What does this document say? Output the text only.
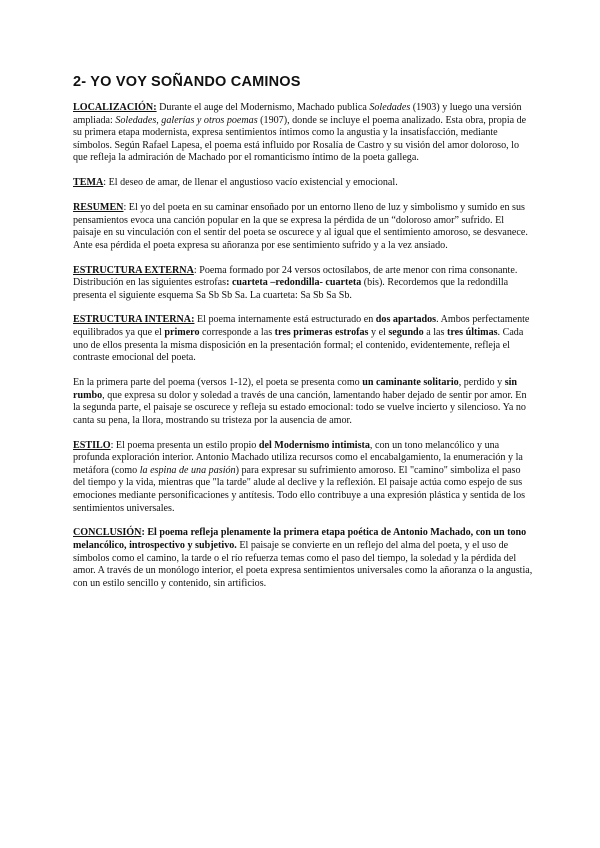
2- YO VOY SOÑANDO CAMINOS

LOCALIZACIÓN: Durante el auge del Modernismo, Machado publica Soledades (1903) y luego una versión ampliada: Soledades, galerías y otros poemas (1907), donde se incluye el poema analizado. Esta obra, propia de su primera etapa modernista, expresa sentimientos íntimos como la angustia y la insatisfacción, mediante símbolos. Según Rafael Lapesa, el poema está influido por Rosalía de Castro y su visión del amor doloroso, lo que refleja la admiración de Machado por el romanticismo íntimo de la poeta gallega.

TEMA: El deseo de amar, de llenar el angustioso vacío existencial y emocional.

RESUMEN: El yo del poeta en su caminar ensoñado por un entorno lleno de luz y simbolismo y sumido en sus pensamientos evoca una canción popular en la que se expresa la pérdida de un “doloroso amor” sufrido. El paisaje en su vinculación con el sentir del poeta se oscurece y al igual que el sentimiento amoroso, se desvanece. Ante esa pérdida el poeta expresa su añoranza por ese sentimiento sufrido y a la vez ansiado.

ESTRUCTURA EXTERNA: Poema formado por 24 versos octosílabos, de arte menor con rima consonante. Distribución en las siguientes estrofas: cuarteta –redondilla- cuarteta (bis). Recordemos que la redondilla presenta el siguiente esquema Sa Sb Sb Sa. La cuarteta: Sa Sb Sa Sb.

ESTRUCTURA INTERNA: El poema internamente está estructurado en dos apartados. Ambos perfectamente equilibrados ya que el primero corresponde a las tres primeras estrofas y el segundo a las tres últimas. Cada uno de ellos presenta la misma disposición en la presentación formal; el contenido, evidentemente, refleja el contraste emocional del poeta.

En la primera parte del poema (versos 1-12), el poeta se presenta como un caminante solitario, perdido y sin rumbo, que expresa su dolor y soledad a través de una canción, lamentando haber dejado de sentir por amor. En la segunda parte, el paisaje se oscurece y refleja su estado emocional: todo se vuelve incierto y silencioso. Ya no canta su pena, la llora, mostrando su tristeza por la ausencia de amor.

ESTILO: El poema presenta un estilo propio del Modernismo intimista, con un tono melancólico y una profunda exploración interior. Antonio Machado utiliza recursos como el encabalgamiento, la enumeración y la metáfora (como la espina de una pasión) para expresar su sufrimiento amoroso. El "camino" simboliza el paso del tiempo y la vida, mientras que "la tarde" alude al declive y la reflexión. El paisaje actúa como espejo de sus emociones mediante personificaciones y antítesis. Todo ello contribuye a una expresión plástica y sentida de los sentimientos universales.

CONCLUSIÓN: El poema refleja plenamente la primera etapa poética de Antonio Machado, con un tono melancólico, introspectivo y subjetivo. El paisaje se convierte en un reflejo del alma del poeta, y el uso de símbolos como el camino, la tarde o el río refuerza temas como el paso del tiempo, la soledad y la pérdida del amor. A través de un monólogo interior, el poeta expresa sentimientos universales como la añoranza o la angustia, con un estilo sencillo y contenido, sin artificios.
